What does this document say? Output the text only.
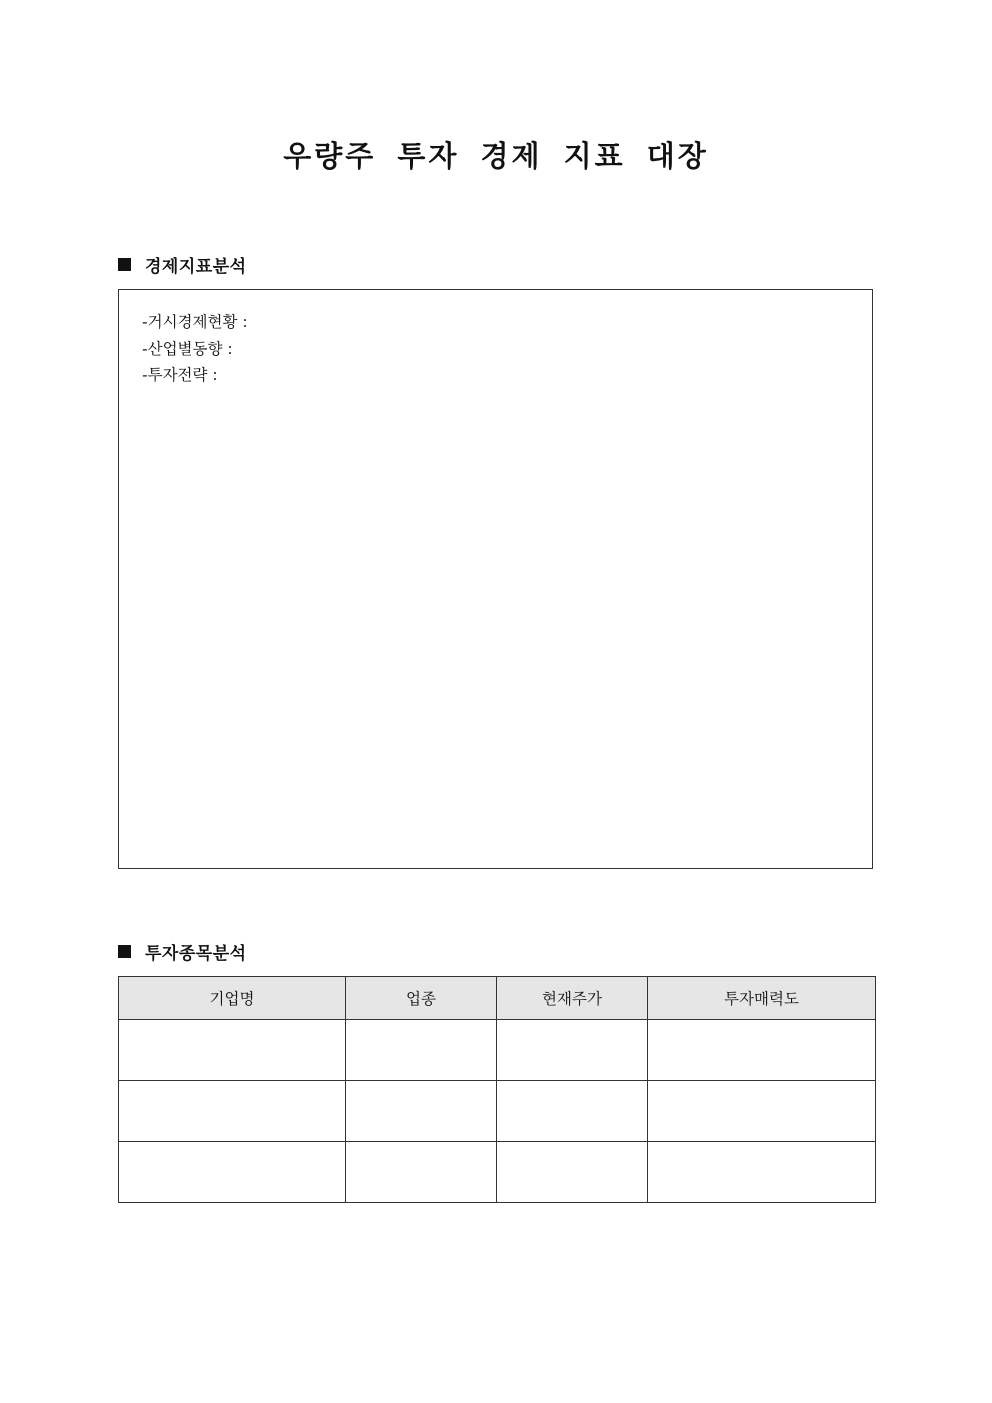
우량주 투자 경제 지표 대장
경제지표분석
-거시경제현황 :
-산업별동향 :
-투자전략 :
투자종목분석
기업명	업종	현재주가	투자매력도
